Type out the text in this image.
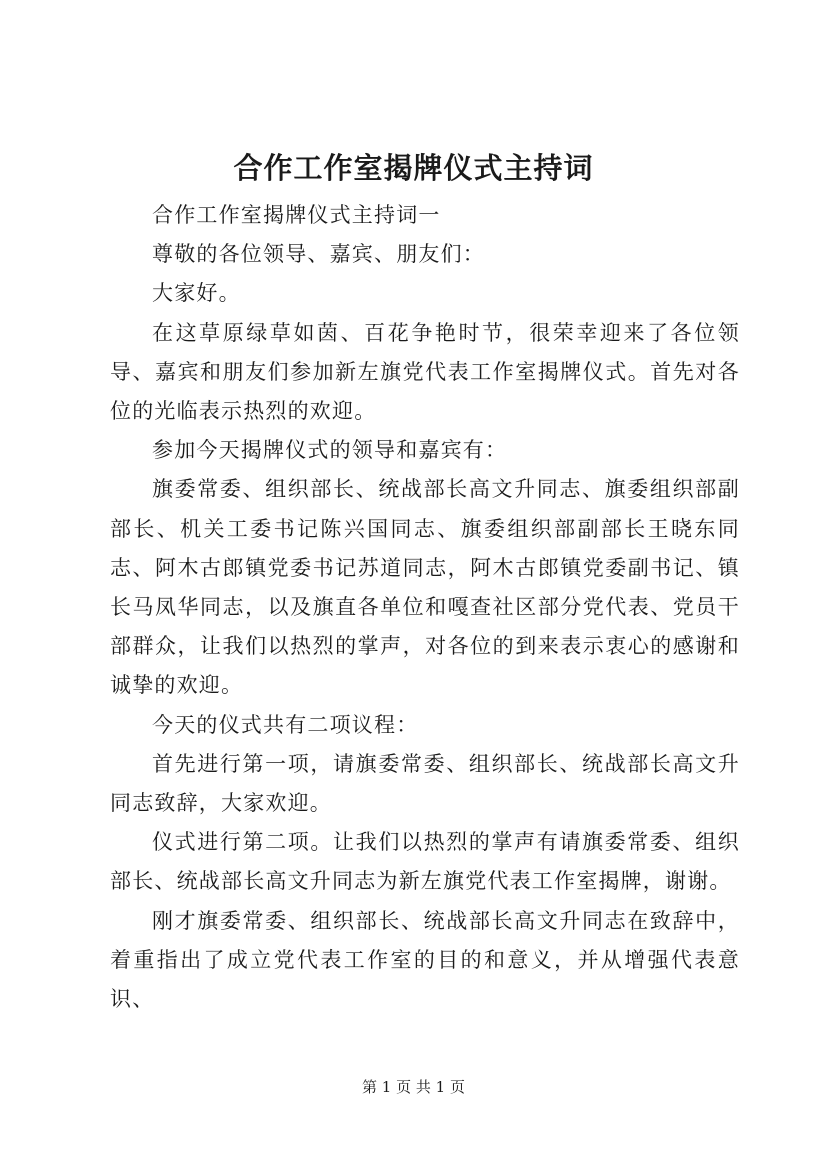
合作工作室揭牌仪式主持词

合作工作室揭牌仪式主持词一

尊敬的各位领导、嘉宾、朋友们：

大家好。

在这草原绿草如茵、百花争艳时节，很荣幸迎来了各位领导、嘉宾和朋友们参加新左旗党代表工作室揭牌仪式。首先对各位的光临表示热烈的欢迎。

参加今天揭牌仪式的领导和嘉宾有：

旗委常委、组织部长、统战部长高文升同志、旗委组织部副部长、机关工委书记陈兴国同志、旗委组织部副部长王晓东同志、阿木古郎镇党委书记苏道同志，阿木古郎镇党委副书记、镇长马凤华同志，以及旗直各单位和嘎查社区部分党代表、党员干部群众，让我们以热烈的掌声，对各位的到来表示衷心的感谢和诚挚的欢迎。

今天的仪式共有二项议程：

首先进行第一项，请旗委常委、组织部长、统战部长高文升同志致辞，大家欢迎。

仪式进行第二项。让我们以热烈的掌声有请旗委常委、组织部长、统战部长高文升同志为新左旗党代表工作室揭牌，谢谢。

刚才旗委常委、组织部长、统战部长高文升同志在致辞中，着重指出了成立党代表工作室的目的和意义，并从增强代表意识、

第 1 页 共 1 页
